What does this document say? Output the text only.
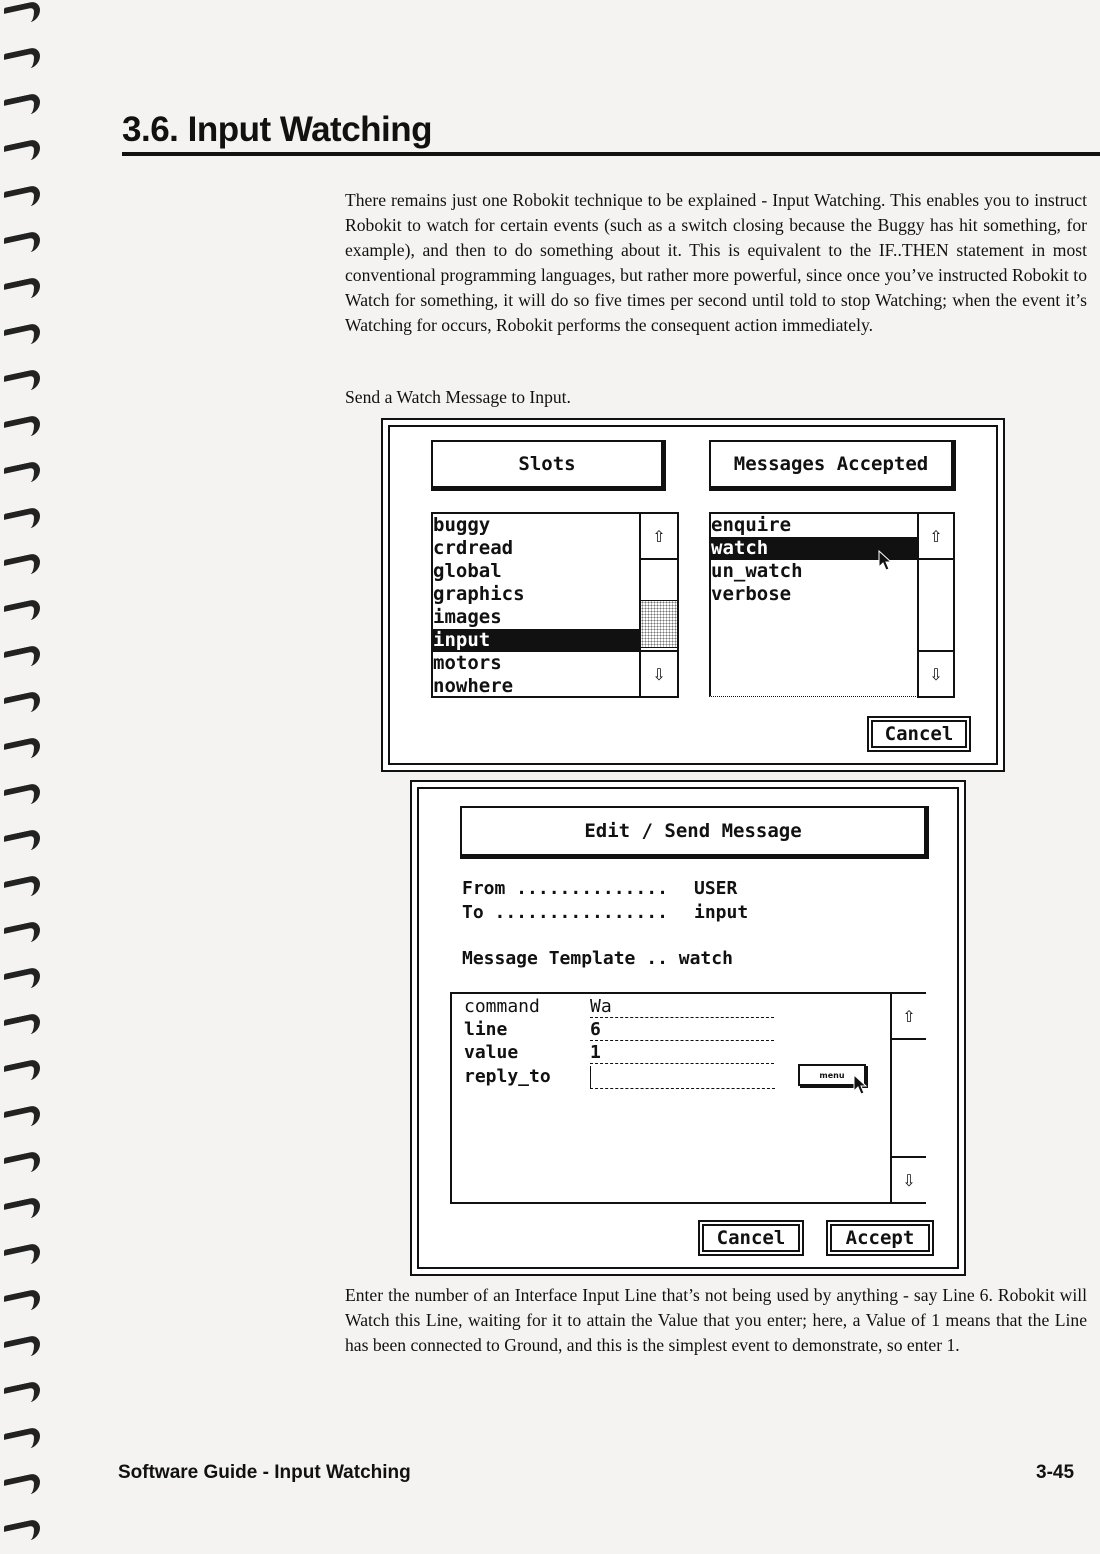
3.6. Input Watching

There remains just one Robokit technique to be explained - Input Watching. This enables you to instruct Robokit to watch for certain events (such as a switch closing because the Buggy has hit something, for example), and then to do something about it. This is equivalent to the IF..THEN statement in most conventional programming languages, but rather more powerful, since once you’ve instructed Robokit to Watch for something, it will do so five times per second until told to stop Watching; when the event it’s Watching for occurs, Robokit performs the consequent action immediately.

Send a Watch Message to Input.

Slots	Messages Accepted
buggy
crdread
global
graphics
images
input
motors
nowhere
⇧
⇩
enquire
watch
un_watch
verbose
⇧
⇩
Cancel
Edit / Send Message
From .............. USER
To ................ input
Message Template .. watch
command	Wa
line	6
value	1
reply_to	menu
⇧
⇩
Cancel	Accept

Enter the number of an Interface Input Line that’s not being used by anything - say Line 6. Robokit will Watch this Line, waiting for it to attain the Value that you enter; here, a Value of 1 means that the Line has been connected to Ground, and this is the simplest event to demonstrate, so enter 1.

Software Guide - Input Watching	3-45
